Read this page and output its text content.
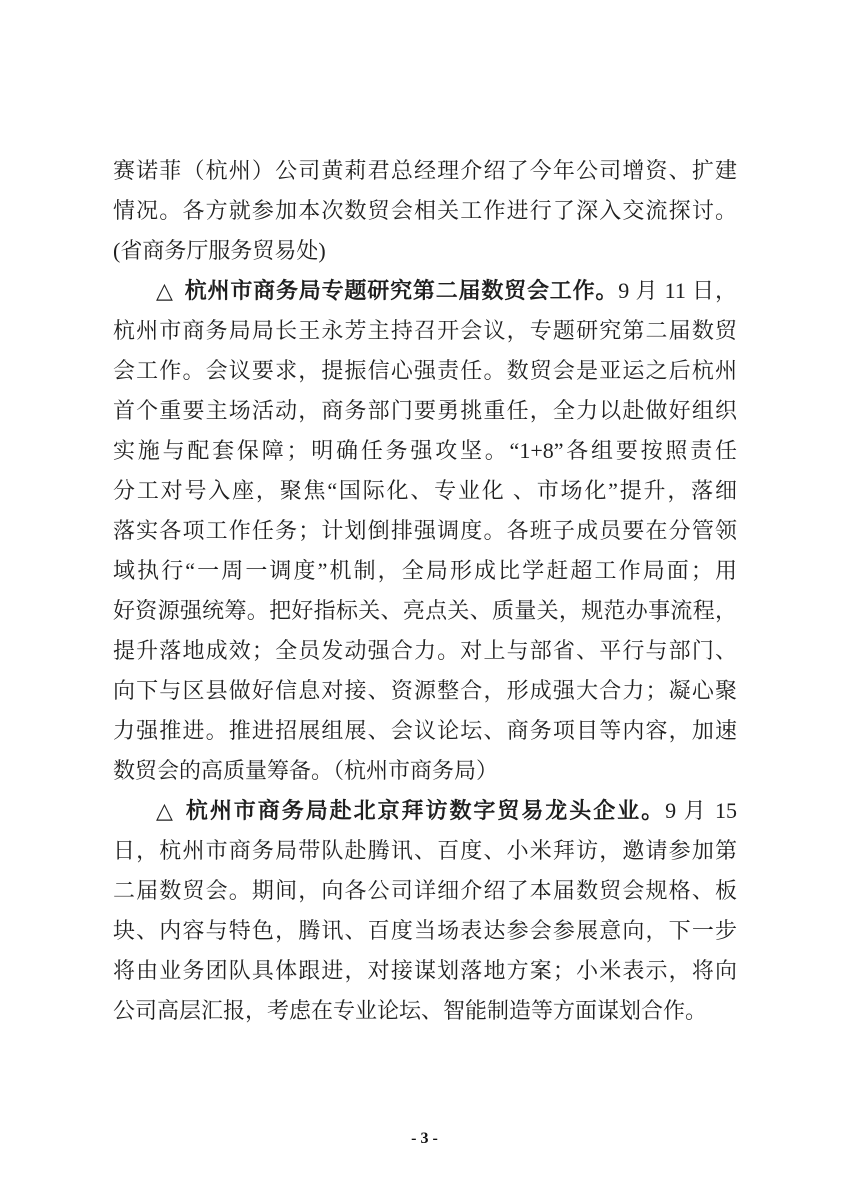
赛诺菲（杭州）公司黄莉君总经理介绍了今年公司增资、扩建
情况。各方就参加本次数贸会相关工作进行了深入交流探讨。
(省商务厅服务贸易处)
△ 杭州市商务局专题研究第二届数贸会工作。9 月 11 日，
杭州市商务局局长王永芳主持召开会议，专题研究第二届数贸
会工作。会议要求，提振信心强责任。数贸会是亚运之后杭州
首个重要主场活动，商务部门要勇挑重任，全力以赴做好组织
实施与配套保障；明确任务强攻坚。“1+8”各组要按照责任
分工对号入座，聚焦“国际化、专业化 、市场化”提升，落细
落实各项工作任务；计划倒排强调度。各班子成员要在分管领
域执行“一周一调度”机制，全局形成比学赶超工作局面；用
好资源强统筹。把好指标关、亮点关、质量关，规范办事流程，
提升落地成效；全员发动强合力。对上与部省、平行与部门、
向下与区县做好信息对接、资源整合，形成强大合力；凝心聚
力强推进。推进招展组展、会议论坛、商务项目等内容，加速
数贸会的高质量筹备。（杭州市商务局）
△ 杭州市商务局赴北京拜访数字贸易龙头企业。9 月 15
日，杭州市商务局带队赴腾讯、百度、小米拜访，邀请参加第
二届数贸会。期间，向各公司详细介绍了本届数贸会规格、板
块、内容与特色，腾讯、百度当场表达参会参展意向，下一步
将由业务团队具体跟进，对接谋划落地方案；小米表示，将向
公司高层汇报，考虑在专业论坛、智能制造等方面谋划合作。
- 3 -
